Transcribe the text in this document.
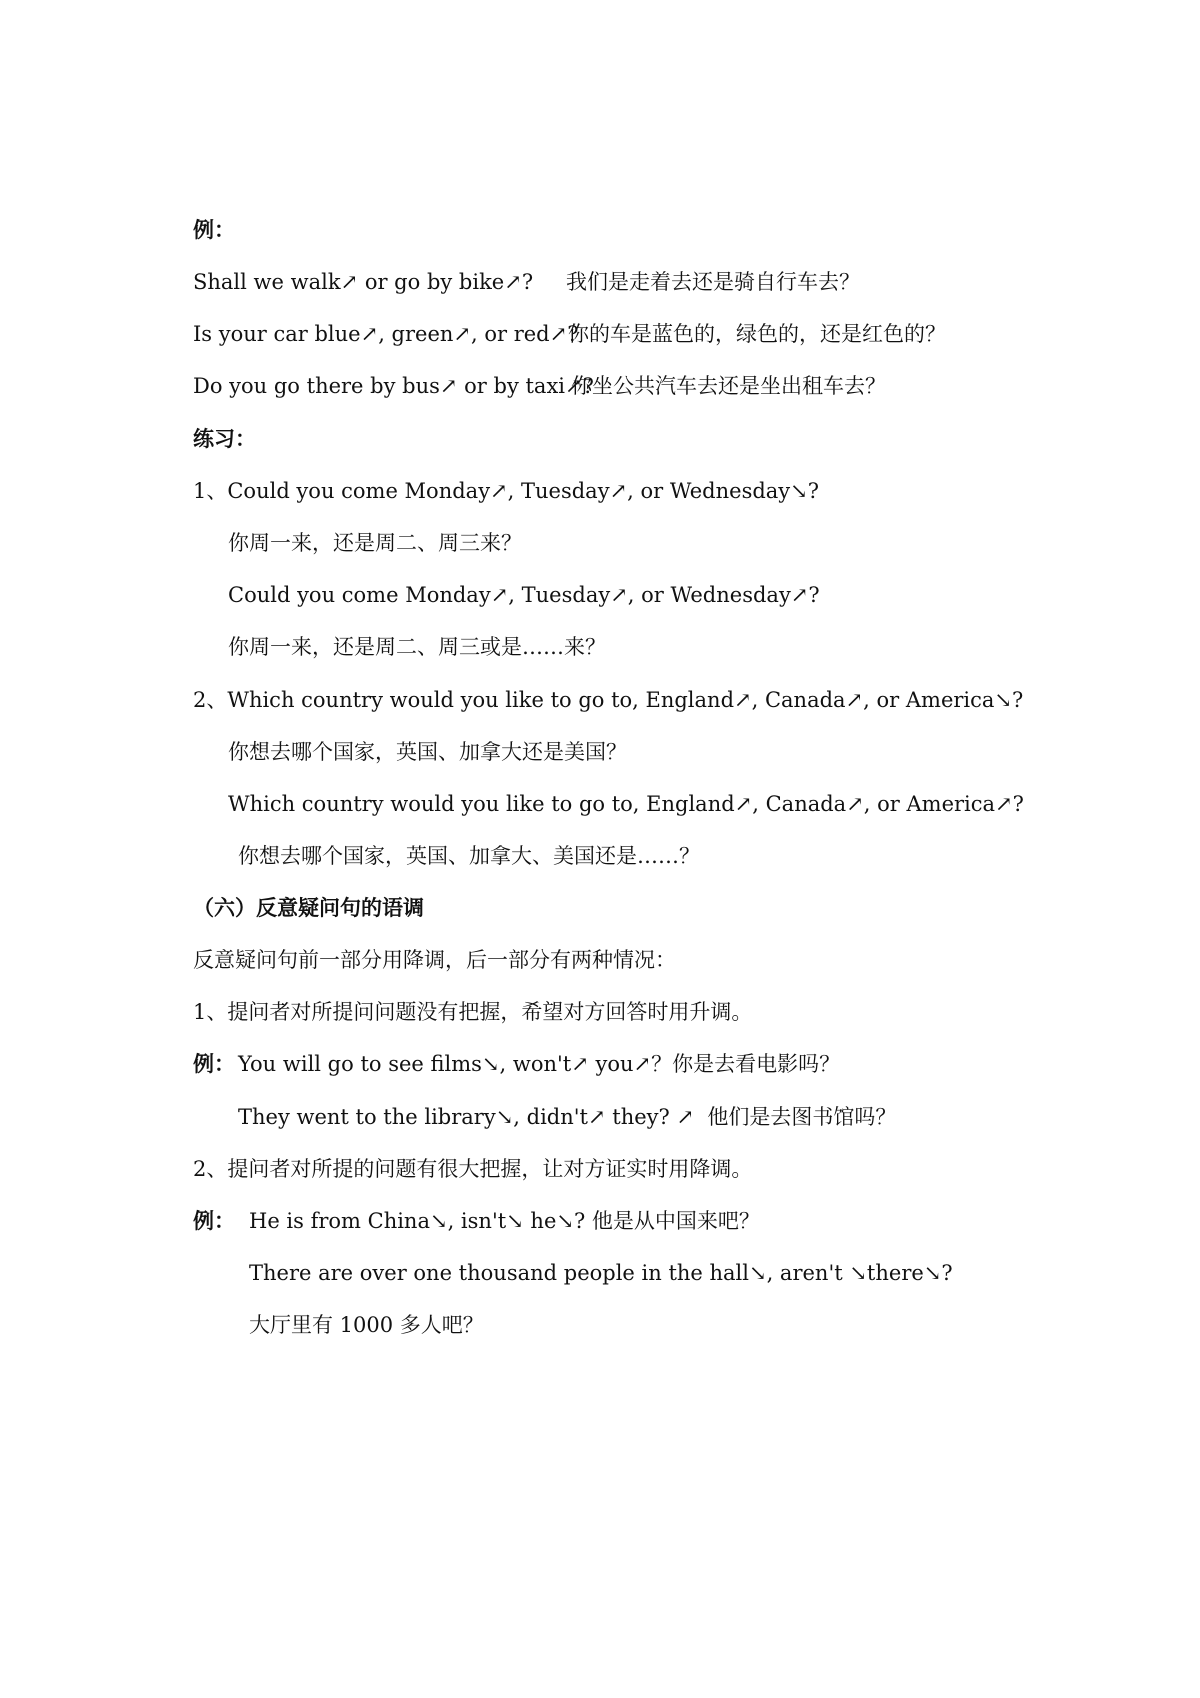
例：
Shall we walk↗ or go by bike↗? 我们是走着去还是骑自行车去？
Is your car blue↗, green↗, or red↗?
你的车是蓝色的，绿色的，还是红色的？
Do you go there by bus↗ or by taxi↗?
你坐公共汽车去还是坐出租车去？
练习：
1、Could you come Monday↗, Tuesday↗, or Wednesday↘?
你周一来，还是周二、周三来？
Could you come Monday↗, Tuesday↗, or Wednesday↗?
你周一来，还是周二、周三或是……来？
2、Which country would you like to go to, England↗, Canada↗, or America↘?
你想去哪个国家，英国、加拿大还是美国？
Which country would you like to go to, England↗, Canada↗, or America↗?
你想去哪个国家，英国、加拿大、美国还是……？
（六）反意疑问句的语调
反意疑问句前一部分用降调，后一部分有两种情况：
1、提问者对所提问问题没有把握，希望对方回答时用升调。
例： You will go to see films↘, won't↗ you↗？你是去看电影吗？
They went to the library↘, didn't↗ they? ↗  他们是去图书馆吗？
2、提问者对所提的问题有很大把握，让对方证实时用降调。
例： He is from China↘, isn't↘ he↘? 他是从中国来吧？
There are over one thousand people in the hall↘, aren't ↘there↘?
大厅里有 1000 多人吧？
